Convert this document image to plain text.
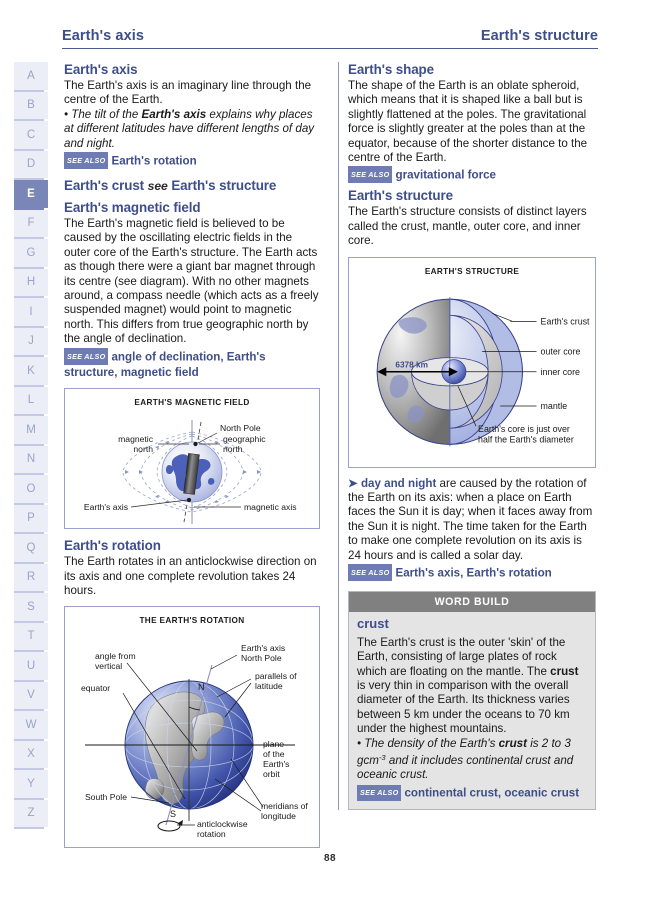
Earth's axis	Earth's structure
A
B
C
D
E
F
G
H
I
J
K
L
M
N
O
P
Q
R
S
T
U
V
W
X
Y
Z
Earth's axis

The Earth's axis is an imaginary line through the centre of the Earth.

• The tilt of the Earth's axis explains why places at different latitudes have different lengths of day and night.

SEE ALSO Earth's rotation

Earth's crust see Earth's structure
Earth's magnetic field

The Earth's magnetic field is believed to be caused by the oscillating electric fields in the outer core of the Earth's structure. The Earth acts as though there were a giant bar magnet through its centre (see diagram). With no other magnets around, a compass needle (which acts as a freely suspended magnet) would point to magnetic north. This differs from true geographic north by the angle of declination.

SEE ALSO angle of declination, Earth's structure, magnetic field

EARTH'S MAGNETIC FIELD
North Pole
magnetic
north
geographic
north
Earth's axis	magnetic axis
Earth's rotation

The Earth rotates in an anticlockwise direction on its axis and one complete revolution takes 24 hours.

THE EARTH'S ROTATION
N
S
angle from
vertical
equator
Earth's axis
North Pole
parallels of
latitude
plane
of the
Earth's
orbit
meridians of
longitude
South Pole
anticlockwise
rotation
Earth's shape

The shape of the Earth is an oblate spheroid, which means that it is shaped like a ball but is slightly flattened at the poles. The gravitational force is slightly greater at the poles than at the equator, because of the shorter distance to the centre of the Earth.

SEE ALSO gravitational force

Earth's structure

The Earth's structure consists of distinct layers called the crust, mantle, outer core, and inner core.

EARTH'S STRUCTURE
6378 km
Earth's crust
outer core
inner core
mantle
Earth's core is just over
half the Earth's diameter

➤ day and night are caused by the rotation of the Earth on its axis: when a place on Earth faces the Sun it is day; when it faces away from the Sun it is night. The time taken for the Earth to make one complete revolution on its axis is 24 hours and is called a solar day.

SEE ALSO Earth's axis, Earth's rotation

WORD BUILD
crust

The Earth's crust is the outer 'skin' of the Earth, consisting of large plates of rock which are floating on the mantle. The crust is very thin in comparison with the overall diameter of the Earth. Its thickness varies between 5 km under the oceans to 70 km under the highest mountains.

• The density of the Earth's crust is 2 to 3 gcm$^{-3}$ and it includes continental crust and oceanic crust.

SEE ALSO continental crust, oceanic crust

88
